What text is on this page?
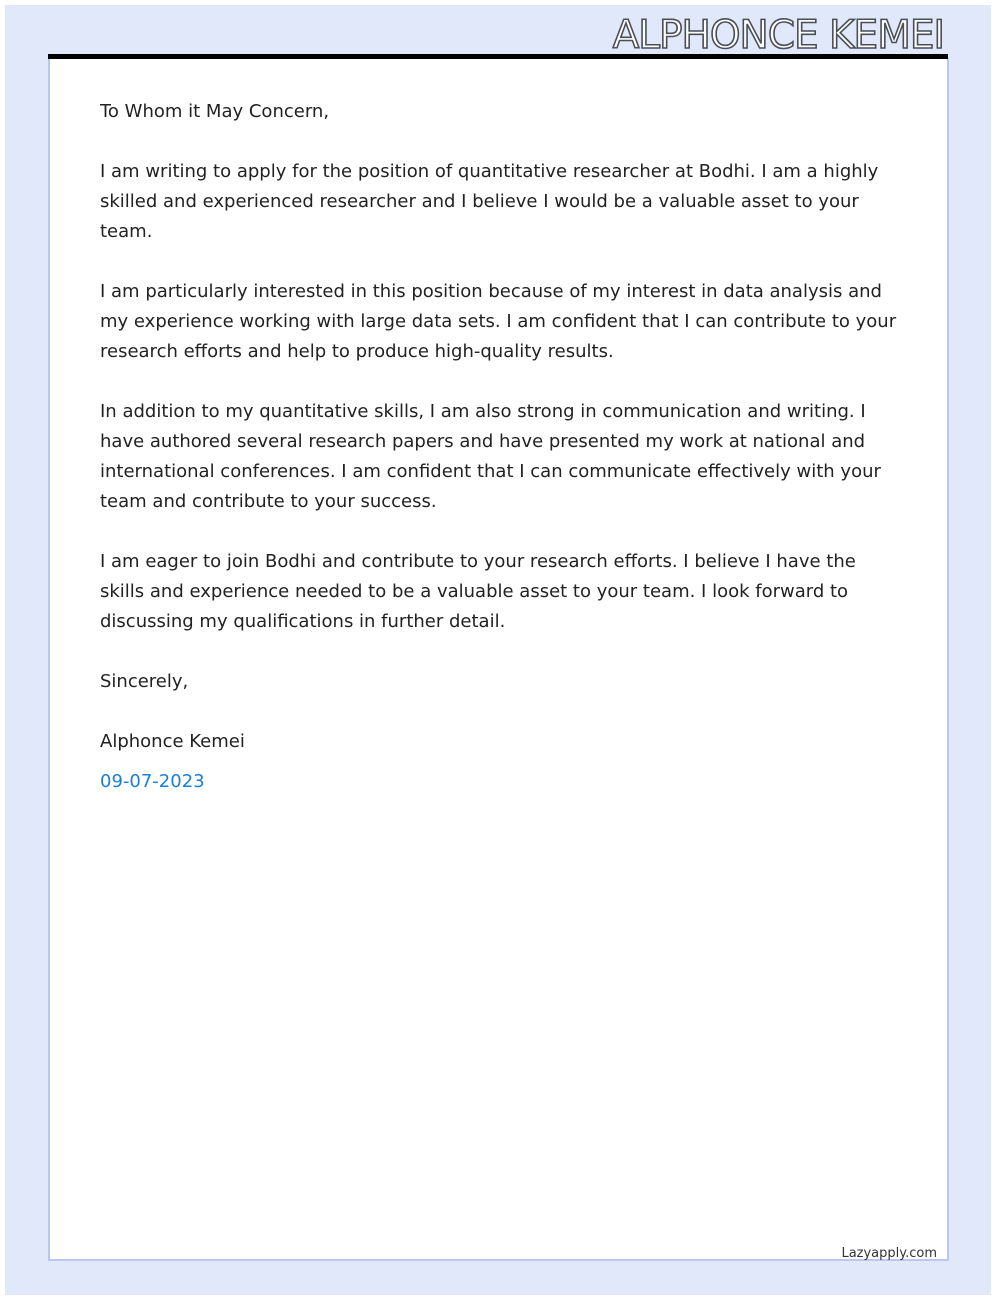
ALPHONCE KEMEI

To Whom it May Concern,

I am writing to apply for the position of quantitative researcher at Bodhi. I am a highly skilled and experienced researcher and I believe I would be a valuable asset to your team.

I am particularly interested in this position because of my interest in data analysis and my experience working with large data sets. I am confident that I can contribute to your research efforts and help to produce high-quality results.

In addition to my quantitative skills, I am also strong in communication and writing. I have authored several research papers and have presented my work at national and international conferences. I am confident that I can communicate effectively with your team and contribute to your success.

I am eager to join Bodhi and contribute to your research efforts. I believe I have the skills and experience needed to be a valuable asset to your team. I look forward to discussing my qualifications in further detail.

Sincerely,

Alphonce Kemei

09-07-2023
Lazyapply.com
